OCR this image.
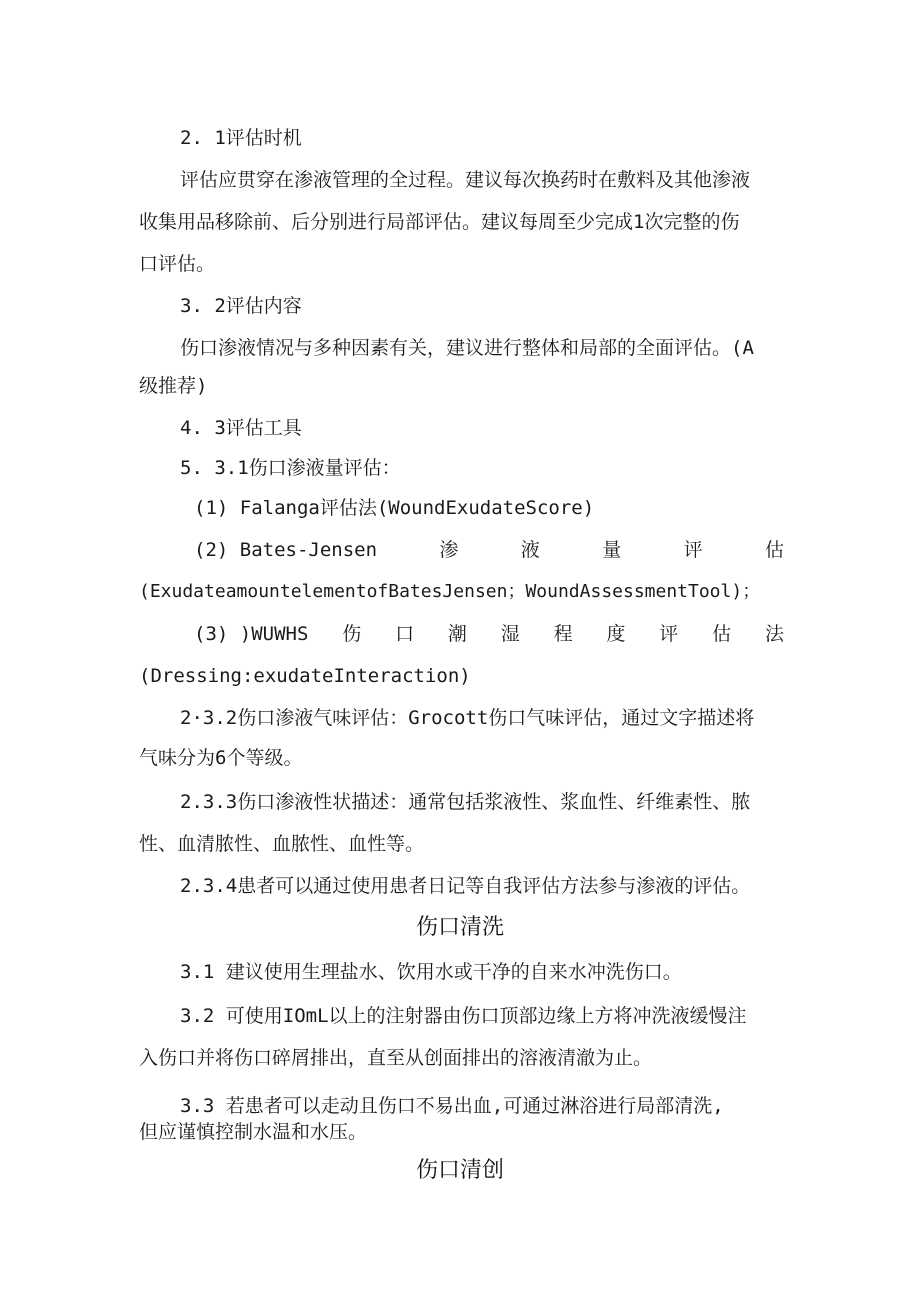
2. 1评估时机

评估应贯穿在渗液管理的全过程。建议每次换药时在敷料及其他渗液

收集用品移除前、后分别进行局部评估。建议每周至少完成1次完整的伤

口评估。

3. 2评估内容

伤口渗液情况与多种因素有关，建议进行整体和局部的全面评估。(A

级推荐)

4. 3评估工具

5. 3.1伤口渗液量评估：

(1) Falanga评估法(WoundExudateScore)

(2) Bates-Jensen	渗	液	量	评	估

(ExudateamountelementofBatesJensen；WoundAssessmentTool)；

(3) )WUWHS 伤 口 潮 湿 程 度 评 估 法

(Dressing:exudateInteraction)

2·3.2伤口渗液气味评估：Grocott伤口气味评估，通过文字描述将

气味分为6个等级。

2.3.3伤口渗液性状描述：通常包括浆液性、浆血性、纤维素性、脓

性、血清脓性、血脓性、血性等。

2.3.4患者可以通过使用患者日记等自我评估方法参与渗液的评估。

伤口清洗

3.1 建议使用生理盐水、饮用水或干净的自来水冲洗伤口。

3.2 可使用IOmL以上的注射器由伤口顶部边缘上方将冲洗液缓慢注

入伤口并将伤口碎屑排出，直至从创面排出的溶液清澈为止。

3.3 若患者可以走动且伤口不易出血,可通过淋浴进行局部清洗,

但应谨慎控制水温和水压。

伤口清创
